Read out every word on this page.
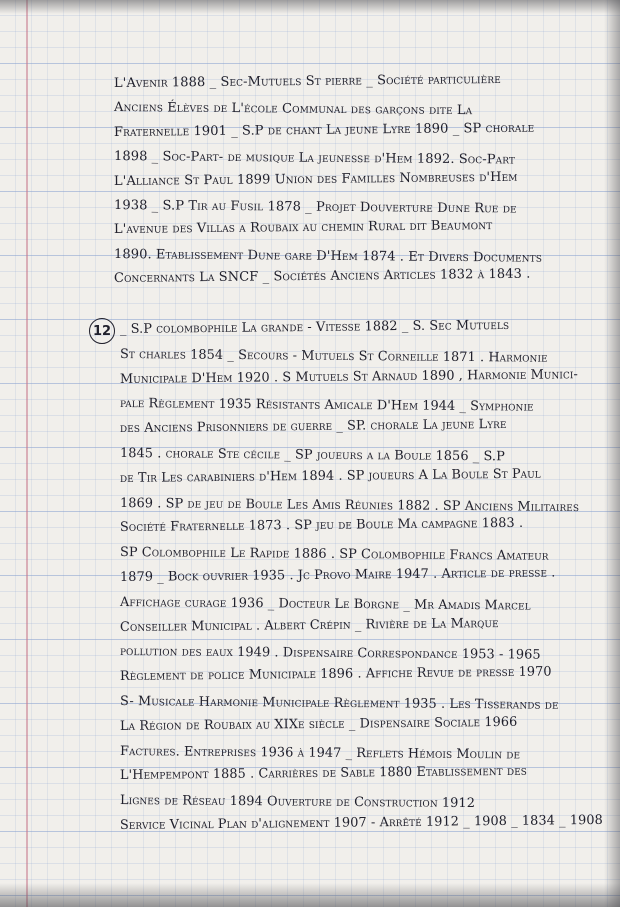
L'Avenir 1888 _ Sec-Mutuels St pierre _ Société particulière

Anciens Élèves de L'école Communal des garçons dite La

Fraternelle 1901 _ S.P de chant La jeune Lyre 1890 _ SP chorale

1898 _ Soc-Part- de musique La jeunesse d'Hem 1892. Soc-Part

L'Alliance St Paul 1899 Union des Familles Nombreuses d'Hem

1938 _ S.P Tir au Fusil 1878 _ Projet Douverture Dune Rue de

L'avenue des Villas a Roubaix au chemin Rural dit Beaumont

1890. Etablissement Dune gare D'Hem 1874 . Et Divers Documents

Concernants La SNCF _ Sociétés Anciens Articles 1832 à 1843 .

12 _ S.P colombophile La grande - Vitesse 1882 _ S. Sec Mutuels

St charles 1854 _ Secours - Mutuels St Corneille 1871 . Harmonie

Municipale D'Hem 1920 . S Mutuels St Arnaud 1890 , Harmonie Munici-

pale Règlement 1935 Résistants Amicale D'Hem 1944 _ Symphonie

des Anciens Prisonniers de guerre _ SP. chorale La jeune Lyre

1845 . chorale Ste cécile _ SP joueurs a la Boule 1856 _ S.P

de Tir Les carabiniers d'Hem 1894 . SP joueurs A La Boule St Paul

1869 . SP de jeu de Boule Les Amis Réunies 1882 . SP Anciens Militaires

Société Fraternelle 1873 . SP jeu de Boule Ma campagne 1883 .

SP Colombophile Le Rapide 1886 . SP Colombophile Francs Amateur

1879 _ Bock ouvrier 1935 . Jc Provo Maire 1947 . Article de presse .

Affichage curage 1936 _ Docteur Le Borgne _ Mr Amadis Marcel

Conseiller Municipal . Albert Crépin _ Rivière de La Marque

pollution des eaux 1949 . Dispensaire Correspondance 1953 - 1965

Règlement de police Municipale 1896 . Affiche Revue de presse 1970

S- Musicale Harmonie Municipale Règlement 1935 . Les Tisserands de

La Région de Roubaix au XIXe siècle _ Dispensaire Sociale 1966

Factures. Entreprises 1936 à 1947 _ Reflets Hémois Moulin de

L'Hempempont 1885 . Carrières de Sable 1880 Etablissement des

Lignes de Réseau 1894 Ouverture de Construction 1912

Service Vicinal Plan d'alignement 1907 - Arrêté 1912 _ 1908 _ 1834 _ 1908
